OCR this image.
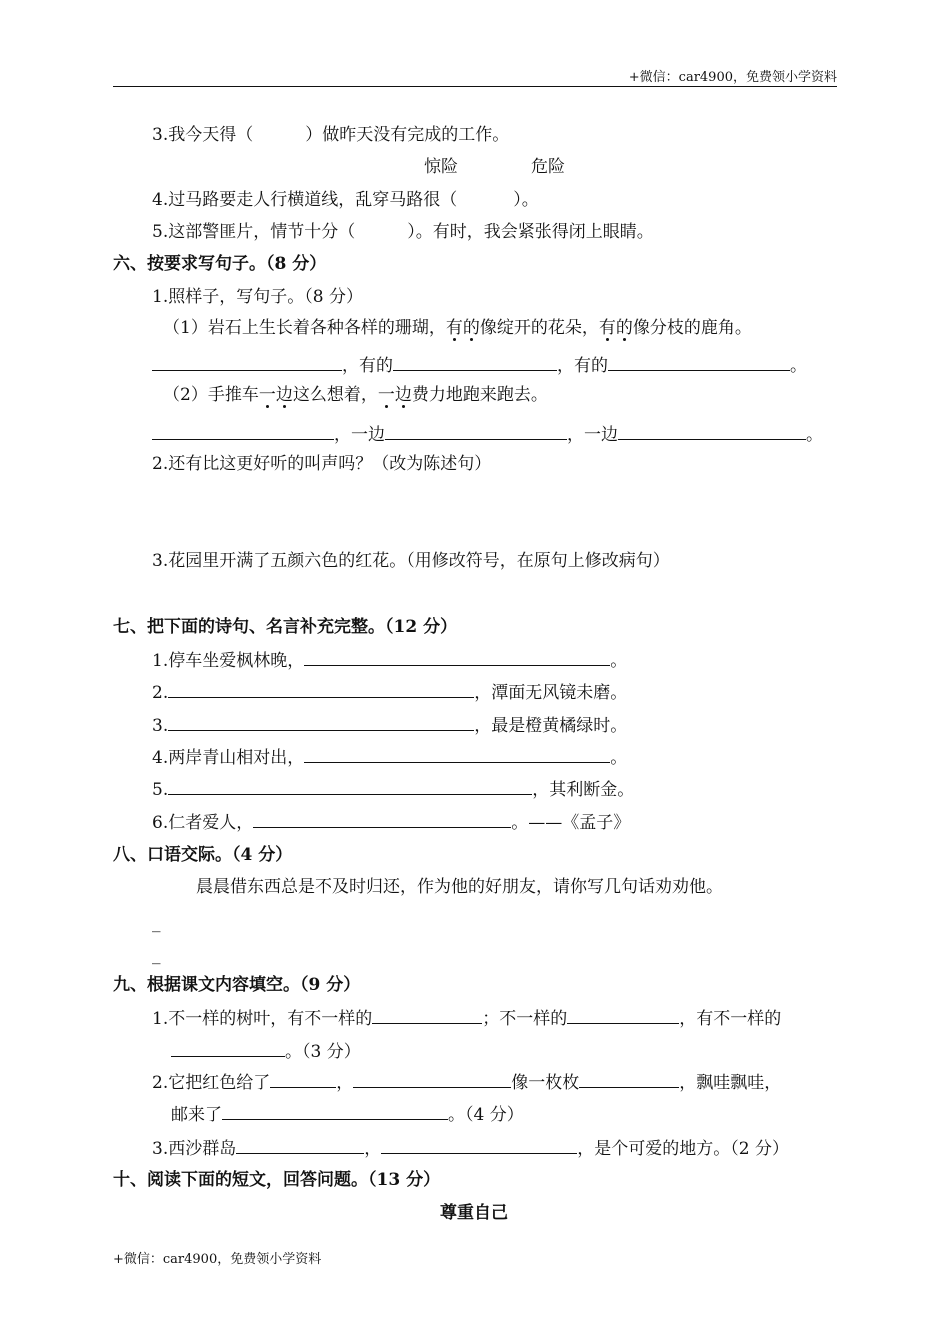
+微信：car4900，免费领小学资料
3.我今天得（	）做昨天没有完成的工作。
惊险	危险
4.过马路要走人行横道线，乱穿马路很（	）。
5.这部警匪片，情节十分（	）。有时，我会紧张得闭上眼睛。
六、按要求写句子。（8 分）
1.照样子，写句子。（8 分）
（1）岩石上生长着各种各样的珊瑚，有的
像绽开的花朵，有的
像分枝的鹿角。
，有的	，有的	。
（2）手推车一边
这么想着，一边
费力地跑来跑去。
，一边	，一边	。
2.还有比这更好听的叫声吗？（改为陈述句）
3.花园里开满了五颜六色的红花。（用修改符号，在原句上修改病句）
七、把下面的诗句、名言补充完整。（12 分）
1.停车坐爱枫林晚，	。
2.	，潭面无风镜未磨。
3.	，最是橙黄橘绿时。
4.两岸青山相对出，	。
5.	，其利断金。
6.仁者爱人，	。——《孟子》
八、口语交际。（4 分）
晨晨借东西总是不及时归还，作为他的好朋友，请你写几句话劝劝他。
_
_
九、根据课文内容填空。（9 分）
1.不一样的树叶，有不一样的	；不一样的	，有不一样的
。（3 分）
2.它把红色给了	，	像一枚枚	，飘哇飘哇，
邮来了	。（4 分）
3.西沙群岛	，	，是个可爱的地方。（2 分）
十、阅读下面的短文，回答问题。（13 分）
尊重自己
+微信：car4900，免费领小学资料
